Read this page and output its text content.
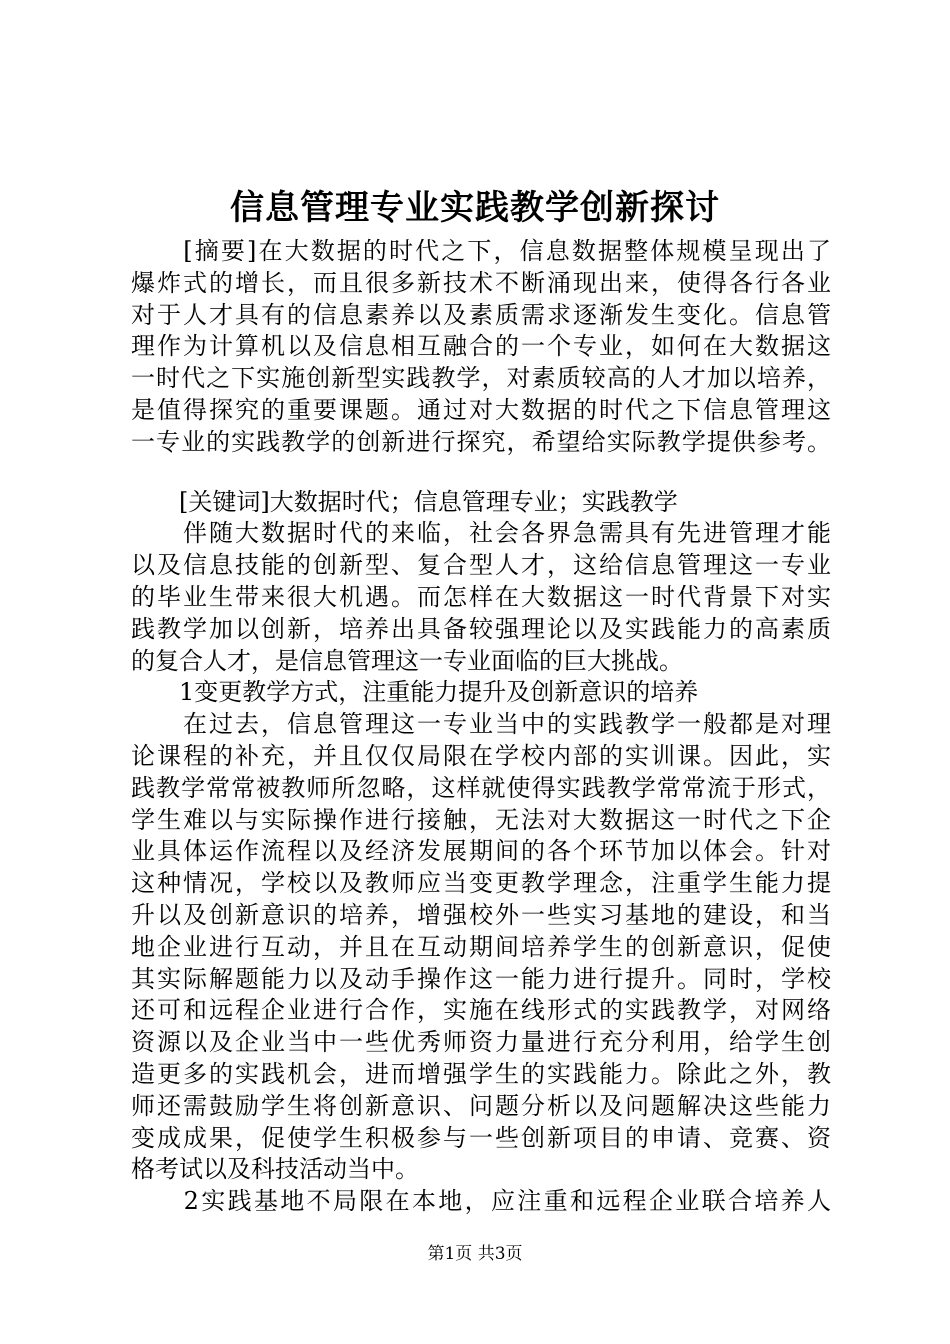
信息管理专业实践教学创新探讨
　　[摘要]在大数据的时代之下，信息数据整体规模呈现出了
爆炸式的增长，而且很多新技术不断涌现出来，使得各行各业
对于人才具有的信息素养以及素质需求逐渐发生变化。信息管
理作为计算机以及信息相互融合的一个专业，如何在大数据这
一时代之下实施创新型实践教学，对素质较高的人才加以培养，
是值得探究的重要课题。通过对大数据的时代之下信息管理这
一专业的实践教学的创新进行探究，希望给实际教学提供参考。
　　[关键词]大数据时代；信息管理专业；实践教学
　　伴随大数据时代的来临，社会各界急需具有先进管理才能
以及信息技能的创新型、复合型人才，这给信息管理这一专业
的毕业生带来很大机遇。而怎样在大数据这一时代背景下对实
践教学加以创新，培养出具备较强理论以及实践能力的高素质
的复合人才，是信息管理这一专业面临的巨大挑战。
　　1变更教学方式，注重能力提升及创新意识的培养
　　在过去，信息管理这一专业当中的实践教学一般都是对理
论课程的补充，并且仅仅局限在学校内部的实训课。因此，实
践教学常常被教师所忽略，这样就使得实践教学常常流于形式，
学生难以与实际操作进行接触，无法对大数据这一时代之下企
业具体运作流程以及经济发展期间的各个环节加以体会。针对
这种情况，学校以及教师应当变更教学理念，注重学生能力提
升以及创新意识的培养，增强校外一些实习基地的建设，和当
地企业进行互动，并且在互动期间培养学生的创新意识，促使
其实际解题能力以及动手操作这一能力进行提升。同时，学校
还可和远程企业进行合作，实施在线形式的实践教学，对网络
资源以及企业当中一些优秀师资力量进行充分利用，给学生创
造更多的实践机会，进而增强学生的实践能力。除此之外，教
师还需鼓励学生将创新意识、问题分析以及问题解决这些能力
变成成果，促使学生积极参与一些创新项目的申请、竞赛、资
格考试以及科技活动当中。
　　2实践基地不局限在本地，应注重和远程企业联合培养人
第1页 共3页
